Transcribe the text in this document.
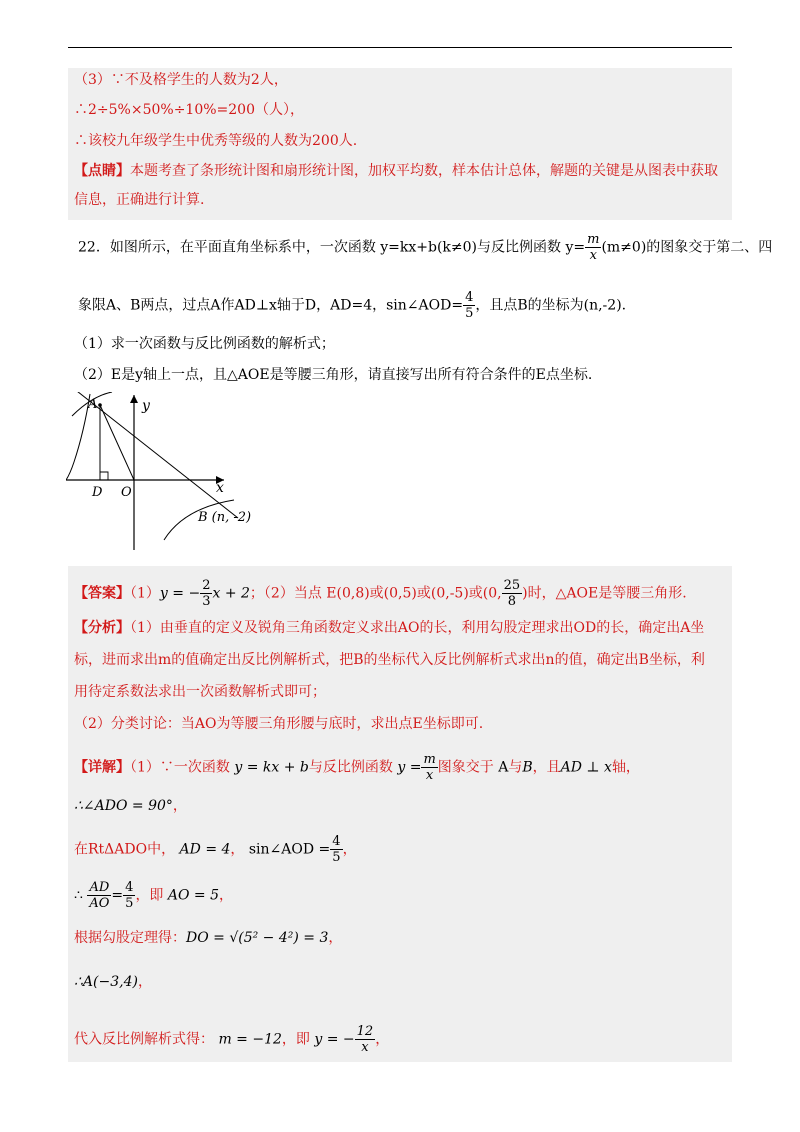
（3）∵不及格学生的人数为2人，
∴2÷5%×50%÷10%=200（人），
∴该校九年级学生中优秀等级的人数为200人.
【点睛】本题考查了条形统计图和扇形统计图，加权平均数，样本估计总体，解题的关键是从图表中获取
信息，正确进行计算.
22．如图所示，在平面直角坐标系中，一次函数 y=kx+b(k≠0)与反比例函数 $y= \frac{m}{x} (m\ne 0)$的图象交于第二、四
象限A、B两点，过点A作AD⊥x轴于D，AD=4，sin∠AOD= $\frac{4}{5}$ ，且点B的坐标为(n,-2).
（1）求一次函数与反比例函数的解析式；
（2）E是y轴上一点，且△AOE是等腰三角形，请直接写出所有符合条件的E点坐标.
y
x
A
D O
B (n, -2)
【答案】（1）y = − $\frac{2}{3}$ x + 2；（2）当点 E(0,8)或(0,5)或(0,-5)或(0, $\frac{25}{8}$ )时，△AOE是等腰三角形.
【分析】（1）由垂直的定义及锐角三角函数定义求出AO的长，利用勾股定理求出OD的长，确定出A坐
标，进而求出m的值确定出反比例解析式，把B的坐标代入反比例解析式求出n的值，确定出B坐标，利
用待定系数法求出一次函数解析式即可；
（2）分类讨论：当AO为等腰三角形腰与底时，求出点E坐标即可.
【详解】（1）∵一次函数 y = kx + b与反比例函数 $y = \frac{m}{x}$ 图象交于 A与B，且AD ⊥ x轴，
∴∠ADO = 90°，
在RtΔADO中， AD = 4， sin∠AOD = $\frac{4}{5}$ ，
∴ $\frac{AD}{AO} = \frac{4}{5}$ ，即 AO = 5，
根据勾股定理得：DO = √(5² − 4²) = 3，
∴A(−3,4)，
代入反比例解析式得： m = −12，即 y = − $\frac{12}{x}$ ，
